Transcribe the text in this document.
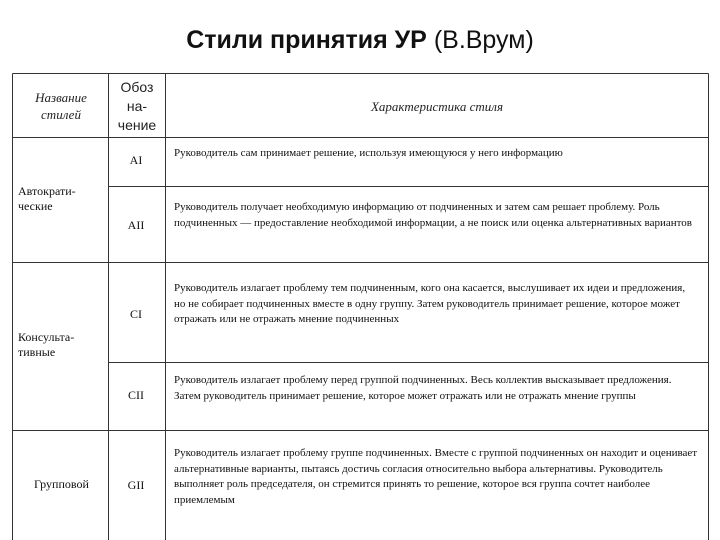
Стили принятия УР (В.Врум)
Название стилей
Обоз
на-
чение
Характеристика стиля
Автократи-
ческие
Консульта-
тивные
Групповой
AI
AII
CI
CII
GII
Руководитель сам принимает решение, используя имеющуюся у него информацию
Руководитель получает необходимую информацию от подчиненных и затем сам решает проблему. Роль подчиненных — предоставление необходимой информации, а не поиск или оценка альтернативных вариантов
Руководитель излагает проблему тем подчиненным, кого она касается, выслушивает их идеи и предложения, но не собирает подчиненных вместе в одну группу. Затем руководитель принимает решение, которое может отражать или не отражать мнение подчиненных
Руководитель излагает проблему перед группой подчиненных. Весь коллектив высказывает предложения. Затем руководитель принимает решение, которое может отражать или не отражать мнение группы
Руководитель излагает проблему группе подчиненных. Вместе с группой подчиненных он находит и оценивает альтернативные варианты, пытаясь достичь согласия относительно выбора альтернативы. Руководитель выполняет роль председателя, он стремится принять то решение, которое вся группа сочтет наиболее приемлемым
